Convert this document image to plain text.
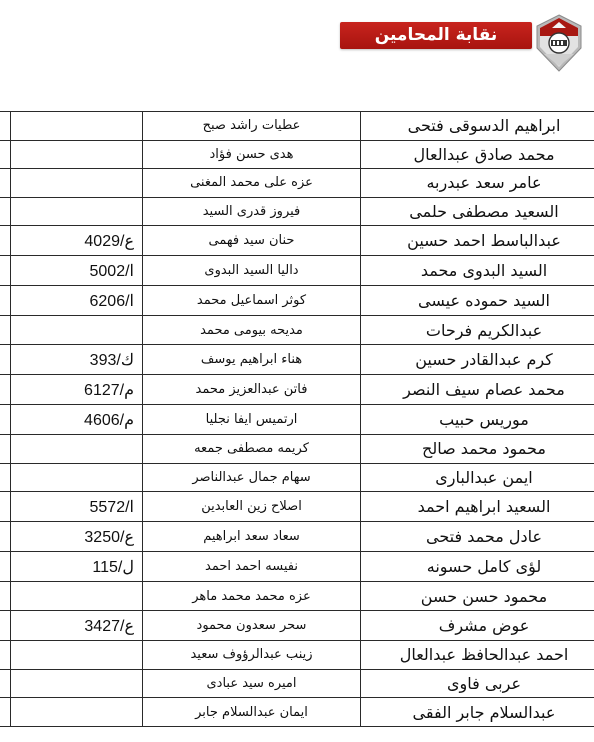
نقابة المحامين المصرية
ابراهيم الدسوقى فتحى	عطيات راشد صبح		
محمد صادق عبدالعال	هدى حسن فؤاد		
عامر سعد عبدربه	عزه على محمد المغنى		
السعيد مصطفى حلمى	فيروز قدرى السيد		
عبدالباسط احمد حسين	حنان سيد فهمى	4029/ع	
السيد البدوى محمد	داليا السيد البدوى	5002/ا	
السيد حموده عيسى	كوثر اسماعيل محمد	6206/ا	
عبدالكريم فرحات	مديحه بيومى محمد		
كرم عبدالقادر حسين	هناء ابراهيم يوسف	393/ك	
محمد عصام سيف النصر	فاتن عبدالعزيز محمد	6127/م	
موريس حبيب	ارتميس ايفا نجليا	4606/م	
محمود محمد صالح	كريمه مصطفى جمعه		
ايمن عبدالبارى	سهام جمال عبدالناصر		
السعيد ابراهيم احمد	اصلاح زين العابدين	5572/ا	
عادل محمد فتحى	سعاد سعد ابراهيم	3250/ع	
لؤى كامل حسونه	نفيسه احمد احمد	115/ل	
محمود حسن حسن	عزه محمد محمد ماهر		
عوض مشرف	سحر سعدون محمود	3427/ع	
احمد عبدالحافظ عبدالعال	زينب عبدالرؤوف سعيد		
عربى فاوى	اميره سيد عبادى		
عبدالسلام جابر الفقى	ايمان عبدالسلام جابر		
